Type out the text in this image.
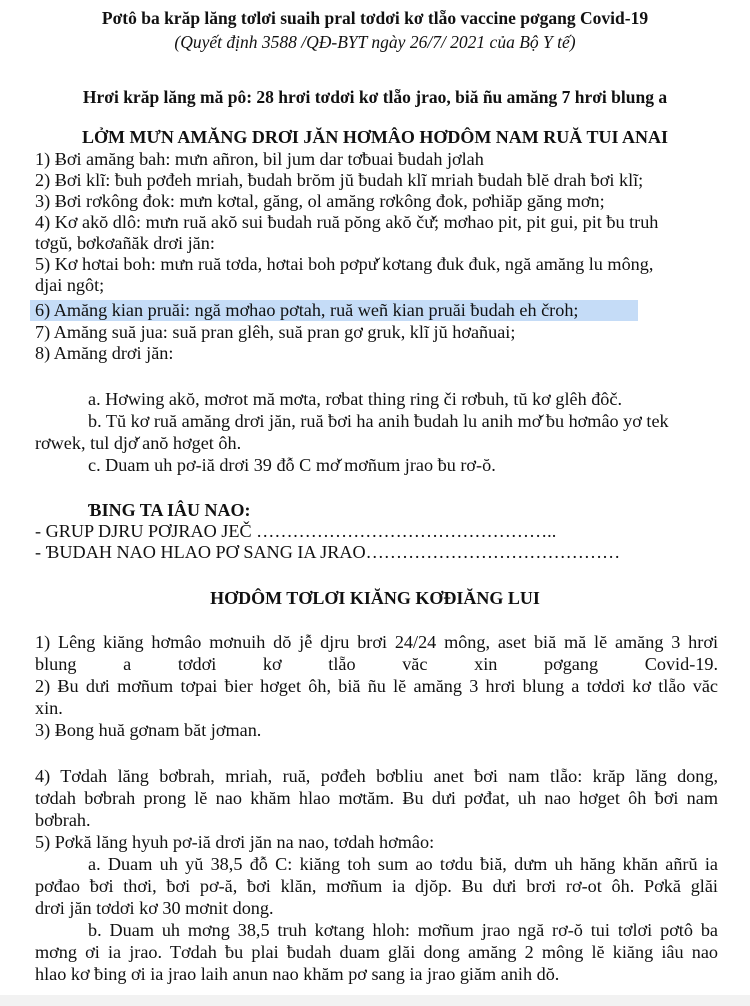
Pơtô ba krăp lăng tơlơi suaih pral tơdơi kơ tlẵo vaccine pơgang Covid-19
(Quyết định 3588 /QĐ-BYT ngày 26/7/ 2021 của Bộ Y tế)
Hrơi krăp lăng mă pô: 28 hrơi tơdơi kơ tlẵo jrao, biă ñu amăng 7 hrơi blung a
LỞM MƯN AMĂNG DRƠI JĂN HƠMÂO HƠDÔM NAM RUĂ TUI ANAI
1) Ƀơi amăng bah: mưn añron, bil jum dar tơƀuai ƀudah jơlah
2) Ƀơi klĩ: ƀuh pơđeh mriah, ƀudah brŏm jŭ ƀudah klĩ mriah ƀudah ƀlĕ drah ƀơi klĩ;
3) Ƀơi rơkông đok: mưn kơtal, găng, ol amăng rơkông đok, pơhiăp găng mơn;
4) Kơ akŏ dlô: mưn ruă akŏ sui ƀudah ruă pŏng akŏ čư̆; mơhao pit, pit gui, pit ƀu truh
tơgŭ, bơkơañăk drơi jăn:
5) Kơ hơtai boh: mưn ruă tơda, hơtai boh pơpư̆ kơtang đuk đuk, ngă amăng lu mông,
djai ngôt;
6) Amăng kian pruăi: ngă mơhao pơtah, ruă weñ kian pruăi ƀudah eh čroh;
7) Amăng suă jua: suă pran glêh, suă pran gơ gruk, klĩ jŭ hơañuai;
8) Amăng drơi jăn:
a. Hơwing akŏ, mơrot mă mơta, rơbat thing ring či rơbuh, tŭ kơ glêh đôč.
b. Tŭ kơ ruă amăng drơi jăn, ruă ƀơi ha anih ƀudah lu anih mơ̆ ƀu hơmâo yơ tek
rơwek, tul djơ̆ anŏ hơget ôh.
c. Duam uh pơ-iă drơi 39 đỗ C mơ̆ mơñum jrao ƀu rơ-ŏ.
ƁING TA IÂU NAO:
- GRUP DJRU PƠJRAO JEČ …………………………………………..
- ƁUDAH NAO HLAO PƠ SANG IA JRAO……………………………………
HƠDÔM TƠLƠI KIĂNG KƠĐIĂNG LUI
1) Lêng kiăng hơmâo mơnuih dŏ jễ djru brơi 24/24 mông, aset biă mă lĕ amăng 3 hrơi
blung a tơdơi kơ tlẵo văc xin pơgang Covid-19.
2) Ƀu dưi mơñum tơpai ƀier hơget ôh, biă ñu lĕ amăng 3 hrơi blung a tơdơi kơ tlẵo văc
xin.
3) Ƀong huă gơnam băt jơman.
4) Tơdah lăng bơbrah, mriah, ruă, pơđeh bơbliu anet ƀơi nam tlẵo: krăp lăng dong,
tơdah bơbrah prong lĕ nao khăm hlao mơtăm. Ƀu dưi pơđat, uh nao hơget ôh ƀơi nam
bơbrah.
5) Pơkă lăng hyuh pơ-iă drơi jăn na nao, tơdah hơmâo:
a. Duam uh yŭ 38,5 đỗ C: kiăng toh sum ao tơdu ƀiă, dưm uh hăng khăn añrŭ ia
pơđao ƀơi thơi, ƀơi pơ-ă, ƀơi klăn, mơñum ia djŏp. Ƀu dưi brơi rơ-ot ôh. Pơkă glăi
drơi jăn tơdơi kơ 30 mơnit dong.
b. Duam uh mơng 38,5 truh kơtang hloh: mơñum jrao ngă rơ-ŏ tui tơlơi pơtô ba
mơng ơi ia jrao. Tơdah ƀu plai ƀudah duam glăi dong amăng 2 mông lĕ kiăng iâu nao
hlao kơ ƀing ơi ia jrao laih anun nao khăm pơ sang ia jrao giăm anih dŏ.
